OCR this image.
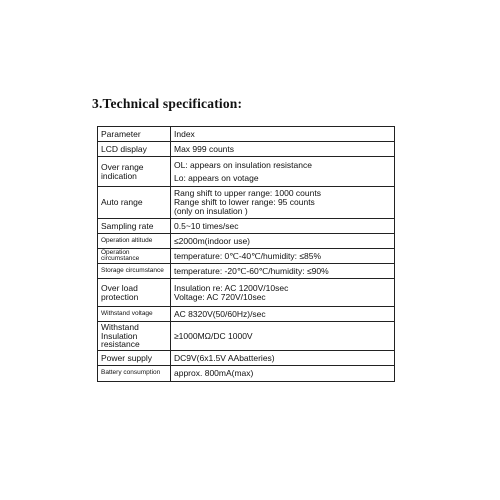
3.Technical specification:
Parameter	Index
LCD display	Max 999 counts

Over range indication	OL: appears on insulation resistance
Lo: appears on votage

Auto range	Rang shift to upper range: 1000 counts
Range shift to lower range: 95 counts
(only on insulation )

Sampling rate	0.5~10 times/sec

Operation altitude	≤2000m(indoor use)

Operation circumstance	temperature: 0℃-40℃/humidity: ≤85%

Storage circumstance	temperature: -20℃-60℃/humidity: ≤90%

Over load protection	Insulation re: AC 1200V/10sec
Voltage: AC 720V/10sec

Withstand voltage	AC 8320V(50/60Hz)/sec

Withstand Insulation resistance	≥1000MΩ/DC 1000V

Power supply	DC9V(6x1.5V AAbatteries)

Battery consumption	approx. 800mA(max)
